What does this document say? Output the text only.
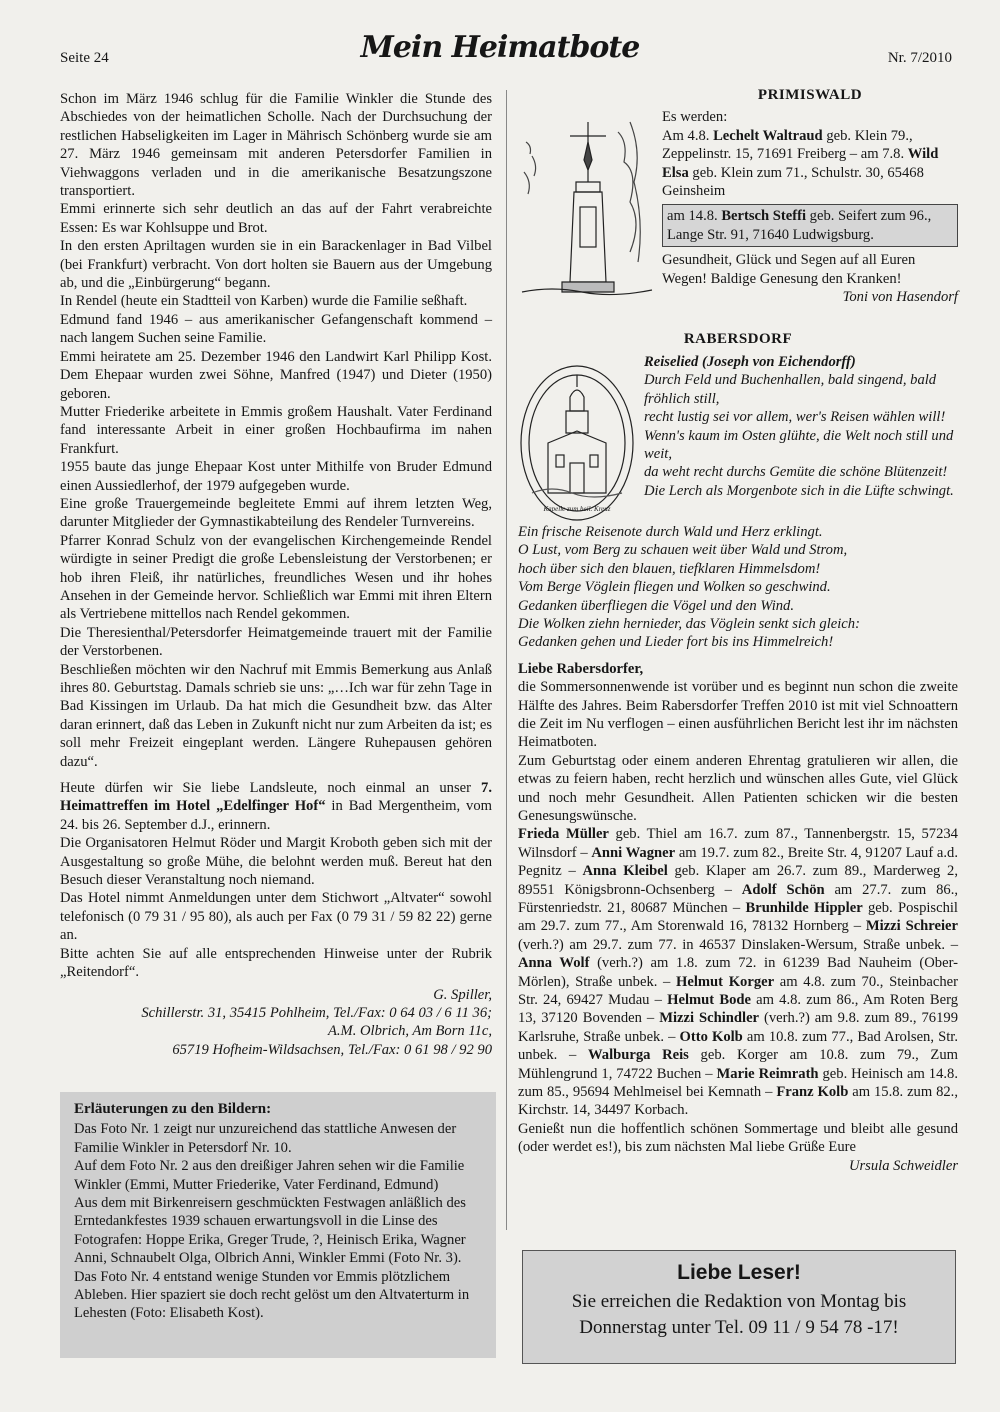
Seite 24	Mein Heimatbote	Nr. 7/2010

Schon im März 1946 schlug für die Familie Winkler die Stunde des Abschiedes von der heimatlichen Scholle. Nach der Durchsuchung der restlichen Habseligkeiten im Lager in Mährisch Schönberg wurde sie am 27. März 1946 gemeinsam mit anderen Petersdorfer Familien in Viehwaggons verladen und in die amerikanische Besatzungszone transportiert.

Emmi erinnerte sich sehr deutlich an das auf der Fahrt verabreichte Essen: Es war Kohlsuppe und Brot.

In den ersten Apriltagen wurden sie in ein Barackenlager in Bad Vilbel (bei Frankfurt) verbracht. Von dort holten sie Bauern aus der Umgebung ab, und die „Einbürgerung“ begann.

In Rendel (heute ein Stadtteil von Karben) wurde die Familie seßhaft.

Edmund fand 1946 – aus amerikanischer Gefangenschaft kommend – nach langem Suchen seine Familie.

Emmi heiratete am 25. Dezember 1946 den Landwirt Karl Philipp Kost. Dem Ehepaar wurden zwei Söhne, Manfred (1947) und Dieter (1950) geboren.

Mutter Friederike arbeitete in Emmis großem Haushalt. Vater Ferdinand fand interessante Arbeit in einer großen Hochbaufirma im nahen Frankfurt.

1955 baute das junge Ehepaar Kost unter Mithilfe von Bruder Edmund einen Aussiedlerhof, der 1979 aufgegeben wurde.

Eine große Trauergemeinde begleitete Emmi auf ihrem letzten Weg, darunter Mitglieder der Gymnastikabteilung des Rendeler Turnvereins.

Pfarrer Konrad Schulz von der evangelischen Kirchengemeinde Rendel würdigte in seiner Predigt die große Lebensleistung der Verstorbenen; er hob ihren Fleiß, ihr natürliches, freundliches Wesen und ihr hohes Ansehen in der Gemeinde hervor. Schließlich war Emmi mit ihren Eltern als Vertriebene mittellos nach Rendel gekommen.

Die Theresienthal/Petersdorfer Heimatgemeinde trauert mit der Familie der Verstorbenen.

Beschließen möchten wir den Nachruf mit Emmis Bemerkung aus Anlaß ihres 80. Geburtstag. Damals schrieb sie uns: „…Ich war für zehn Tage in Bad Kissingen im Urlaub. Da hat mich die Gesundheit bzw. das Alter daran erinnert, daß das Leben in Zukunft nicht nur zum Arbeiten da ist; es soll mehr Freizeit eingeplant werden. Längere Ruhepausen gehören dazu“.

Heute dürfen wir Sie liebe Landsleute, noch einmal an unser 7. Heimattreffen im Hotel „Edelfinger Hof“ in Bad Mergentheim, vom 24. bis 26. September d.J., erinnern.

Die Organisatoren Helmut Röder und Margit Kroboth geben sich mit der Ausgestaltung so große Mühe, die belohnt werden muß. Bereut hat den Besuch dieser Veranstaltung noch niemand.

Das Hotel nimmt Anmeldungen unter dem Stichwort „Altvater“ sowohl telefonisch (0 79 31 / 95 80), als auch per Fax (0 79 31 / 59 82 22) gerne an.

Bitte achten Sie auf alle entsprechenden Hinweise unter der Rubrik „Reitendorf“.

G. Spiller,

Schillerstr. 31, 35415 Pohlheim, Tel./Fax: 0 64 03 / 6 11 36;

A.M. Olbrich, Am Born 11c,

65719 Hofheim-Wildsachsen, Tel./Fax: 0 61 98 / 92 90

Erläuterungen zu den Bildern:

Das Foto Nr. 1 zeigt nur unzureichend das stattliche Anwesen der Familie Winkler in Petersdorf Nr. 10.

Auf dem Foto Nr. 2 aus den dreißiger Jahren sehen wir die Familie Winkler (Emmi, Mutter Friederike, Vater Ferdinand, Edmund)

Aus dem mit Birkenreisern geschmückten Festwagen anläßlich des Erntedankfestes 1939 schauen erwartungsvoll in die Linse des Fotografen: Hoppe Erika, Greger Trude, ?, Heinisch Erika, Wagner Anni, Schnaubelt Olga, Olbrich Anni, Winkler Emmi (Foto Nr. 3).

Das Foto Nr. 4 entstand wenige Stunden vor Emmis plötzlichem Ableben. Hier spaziert sie doch recht gelöst um den Altvaterturm in Lehesten (Foto: Elisabeth Kost).

PRIMISWALD

Es werden:

Am 4.8. Lechelt Waltraud geb. Klein 79., Zeppelinstr. 15, 71691 Freiberg – am 7.8. Wild Elsa geb. Klein zum 71., Schulstr. 30, 65468 Geinsheim

am 14.8. Bertsch Steffi geb. Seifert zum 96., Lange Str. 91, 71640 Ludwigsburg.

Gesundheit, Glück und Segen auf all Euren Wegen! Baldige Genesung den Kranken!

Toni von Hasendorf

RABERSDORF
Kapelle zum heil. Kreuz

Reiselied (Joseph von Eichendorff)

Durch Feld und Buchenhallen, bald singend, bald fröhlich still,

recht lustig sei vor allem, wer's Reisen wählen will!

Wenn's kaum im Osten glühte, die Welt noch still und weit,

da weht recht durchs Gemüte die schöne Blütenzeit!

Die Lerch als Morgenbote sich in die Lüfte schwingt.

Ein frische Reisenote durch Wald und Herz erklingt.

O Lust, vom Berg zu schauen weit über Wald und Strom,

hoch über sich den blauen, tiefklaren Himmelsdom!

Vom Berge Vöglein fliegen und Wolken so geschwind.

Gedanken überfliegen die Vögel und den Wind.

Die Wolken ziehn hernieder, das Vöglein senkt sich gleich:

Gedanken gehen und Lieder fort bis ins Himmelreich!

Liebe Rabersdorfer,

die Sommersonnenwende ist vorüber und es beginnt nun schon die zweite Hälfte des Jahres. Beim Rabersdorfer Treffen 2010 ist mit viel Schnoattern die Zeit im Nu verflogen – einen ausführlichen Bericht lest ihr im nächsten Heimatboten.

Zum Geburtstag oder einem anderen Ehrentag gratulieren wir allen, die etwas zu feiern haben, recht herzlich und wünschen alles Gute, viel Glück und noch mehr Gesundheit. Allen Patienten schicken wir die besten Genesungswünsche.

Frieda Müller geb. Thiel am 16.7. zum 87., Tannenbergstr. 15, 57234 Wilnsdorf – Anni Wagner am 19.7. zum 82., Breite Str. 4, 91207 Lauf a.d. Pegnitz – Anna Kleibel geb. Klaper am 26.7. zum 89., Marderweg 2, 89551 Königsbronn-Ochsenberg – Adolf Schön am 27.7. zum 86., Fürstenriedstr. 21, 80687 München – Brunhilde Hippler geb. Pospischil am 29.7. zum 77., Am Storenwald 16, 78132 Hornberg – Mizzi Schreier (verh.?) am 29.7. zum 77. in 46537 Dinslaken-Wersum, Straße unbek. – Anna Wolf (verh.?) am 1.8. zum 72. in 61239 Bad Nauheim (Ober-Mörlen), Straße unbek. – Helmut Korger am 4.8. zum 70., Steinbacher Str. 24, 69427 Mudau – Helmut Bode am 4.8. zum 86., Am Roten Berg 13, 37120 Bovenden – Mizzi Schindler (verh.?) am 9.8. zum 89., 76199 Karlsruhe, Straße unbek. – Otto Kolb am 10.8. zum 77., Bad Arolsen, Str. unbek. – Walburga Reis geb. Korger am 10.8. zum 79., Zum Mühlengrund 1, 74722 Buchen – Marie Reimrath geb. Heinisch am 14.8. zum 85., 95694 Mehlmeisel bei Kemnath – Franz Kolb am 15.8. zum 82., Kirchstr. 14, 34497 Korbach.

Genießt nun die hoffentlich schönen Sommertage und bleibt alle gesund (oder werdet es!), bis zum nächsten Mal liebe Grüße Eure

Ursula Schweidler

Liebe Leser!
Sie erreichen die Redaktion von Montag bis
Donnerstag unter Tel. 09 11 / 9 54 78 -17!
